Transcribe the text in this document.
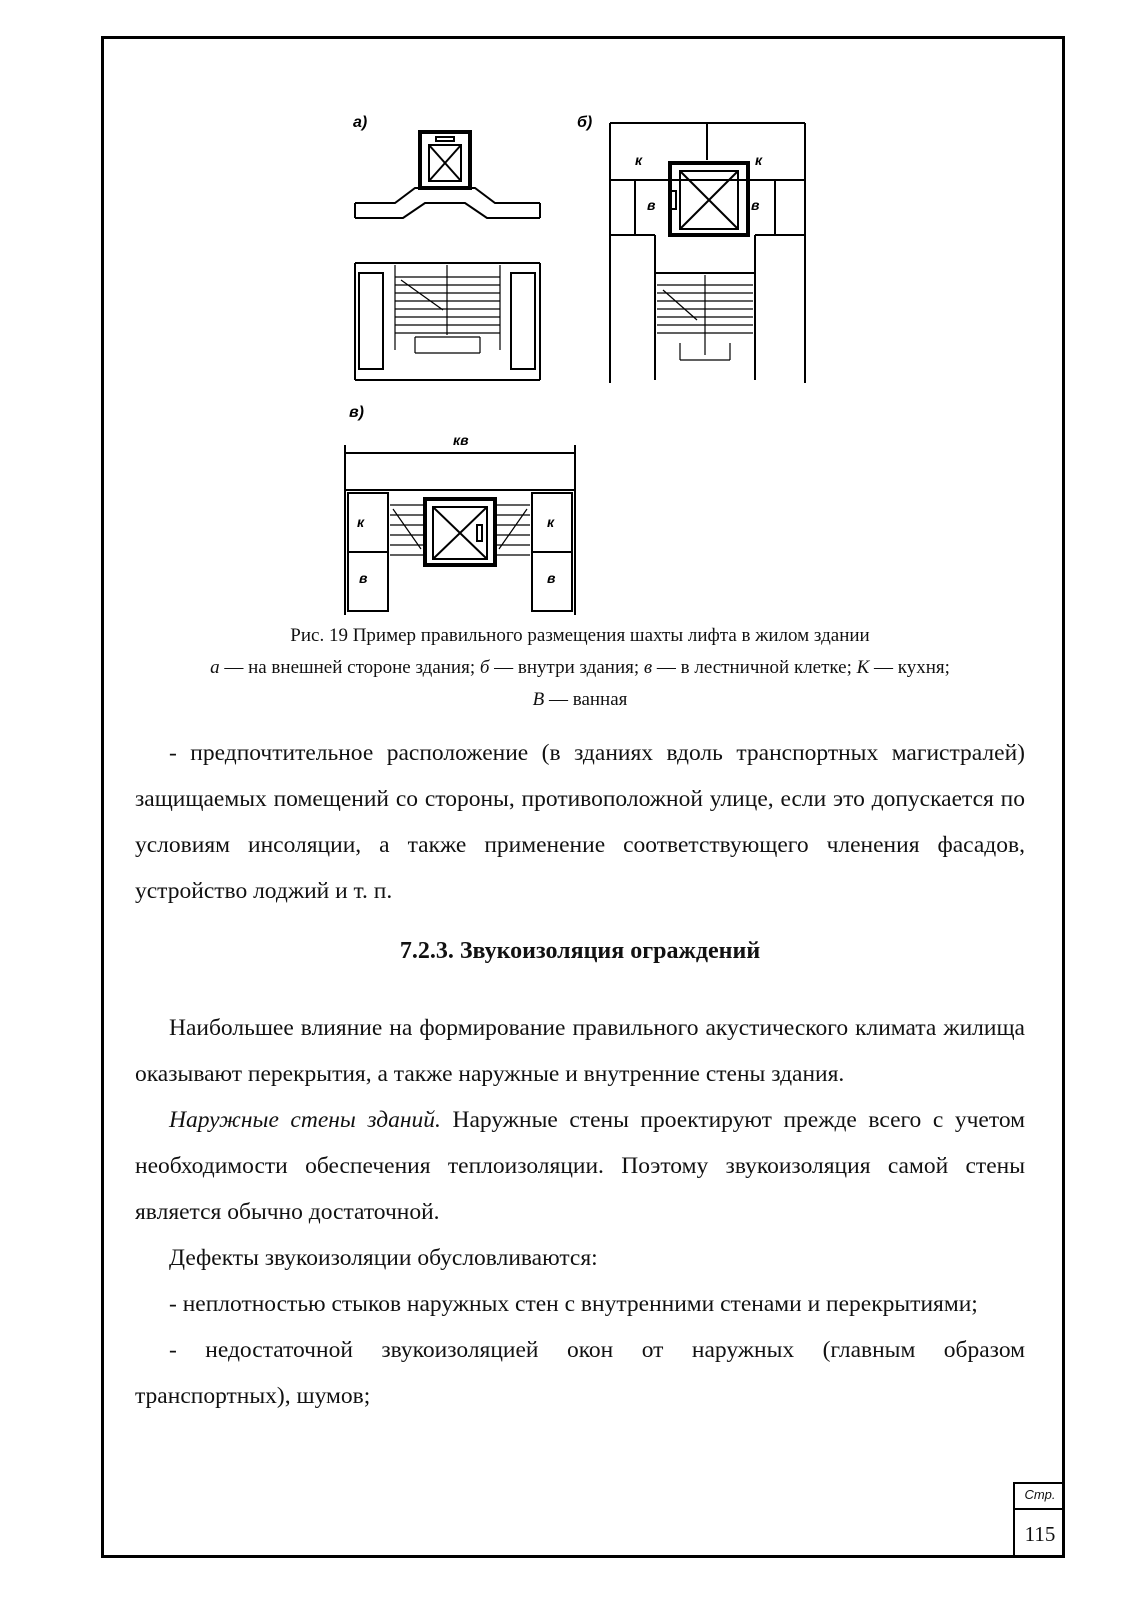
а)	б)
к	к
в	в
в)
кв
к	к
в	в
Рис. 19 Пример правильного размещения шахты лифта в жилом здании
а — на внешней стороне здания; б — внутри здания; в — в лестничной клетке; К — кухня;
В — ванная

- предпочтительное расположение (в зданиях вдоль транспортных магистралей) защищаемых помещений со стороны, противоположной улице, если это допускается по условиям инсоляции, а также применение соответствующего членения фасадов, устройство лоджий и т. п.

7.2.3. Звукоизоляция ограждений

Наибольшее влияние на формирование правильного акустического климата жилища оказывают перекрытия, а также наружные и внутренние стены здания.

Наружные стены зданий. Наружные стены проектируют прежде всего с учетом необходимости обеспечения теплоизоляции. Поэтому звукоизоляция самой стены является обычно достаточной.

Дефекты звукоизоляции обусловливаются:

- неплотностью стыков наружных стен с внутренними стенами и перекрытиями;

- недостаточной звукоизоляцией окон от наружных (главным образом транспортных), шумов;

Стр.
115
